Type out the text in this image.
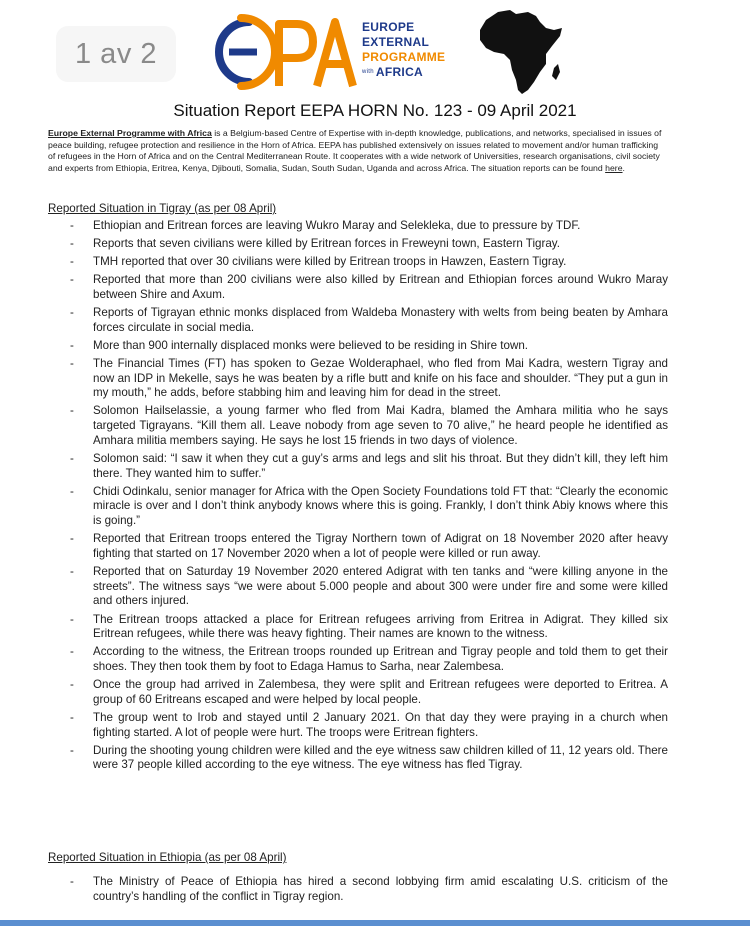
1 av 2
EUROPE
EXTERNAL
PROGRAMME
$^{with}$ AFRICA
Situation Report EEPA HORN No. 123 - 09 April 2021
Europe External Programme with Africa is a Belgium-based Centre of Expertise with in-depth knowledge, publications, and networks, specialised in issues of peace building, refugee protection and resilience in the Horn of Africa. EEPA has published extensively on issues related to movement and/or human trafficking of refugees in the Horn of Africa and on the Central Mediterranean Route. It cooperates with a wide network of Universities, research organisations, civil society and experts from Ethiopia, Eritrea, Kenya, Djibouti, Somalia, Sudan, South Sudan, Uganda and across Africa. The situation reports can be found here.
Reported Situation in Tigray (as per 08 April)
- Ethiopian and Eritrean forces are leaving Wukro Maray and Selekleka, due to pressure by TDF.
- Reports that seven civilians were killed by Eritrean forces in Freweyni town, Eastern Tigray.
- TMH reported that over 30 civilians were killed by Eritrean troops in Hawzen, Eastern Tigray.
- Reported that more than 200 civilians were also killed by Eritrean and Ethiopian forces around Wukro Maray between Shire and Axum.
- Reports of Tigrayan ethnic monks displaced from Waldeba Monastery with welts from being beaten by Amhara forces circulate in social media.
- More than 900 internally displaced monks were believed to be residing in Shire town.
- The Financial Times (FT) has spoken to Gezae Wolderaphael, who fled from Mai Kadra, western Tigray and now an IDP in Mekelle, says he was beaten by a rifle butt and knife on his face and shoulder. “They put a gun in my mouth,” he adds, before stabbing him and leaving him for dead in the street.
- Solomon Hailselassie, a young farmer who fled from Mai Kadra, blamed the Amhara militia who he says targeted Tigrayans. “Kill them all. Leave nobody from age seven to 70 alive,” he heard people he identified as Amhara militia members saying. He says he lost 15 friends in two days of violence.
- Solomon said: “I saw it when they cut a guy’s arms and legs and slit his throat. But they didn’t kill, they left him there. They wanted him to suffer.”
- Chidi Odinkalu, senior manager for Africa with the Open Society Foundations told FT that: “Clearly the economic miracle is over and I don’t think anybody knows where this is going. Frankly, I don’t think Abiy knows where this is going.”
- Reported that Eritrean troops entered the Tigray Northern town of Adigrat on 18 November 2020 after heavy fighting that started on 17 November 2020 when a lot of people were killed or run away.
- Reported that on Saturday 19 November 2020 entered Adigrat with ten tanks and “were killing anyone in the streets”. The witness says “we were about 5.000 people and about 300 were under fire and some were killed and others injured.
- The Eritrean troops attacked a place for Eritrean refugees arriving from Eritrea in Adigrat. They killed six Eritrean refugees, while there was heavy fighting. Their names are known to the witness.
- According to the witness, the Eritrean troops rounded up Eritrean and Tigray people and told them to get their shoes. They then took them by foot to Edaga Hamus to Sarha, near Zalembesa.
- Once the group had arrived in Zalembesa, they were split and Eritrean refugees were deported to Eritrea. A group of 60 Eritreans escaped and were helped by local people.
- The group went to Irob and stayed until 2 January 2021. On that day they were praying in a church when fighting started. A lot of people were hurt. The troops were Eritrean fighters.
- During the shooting young children were killed and the eye witness saw children killed of 11, 12 years old. There were 37 people killed according to the eye witness. The eye witness has fled Tigray.
Reported Situation in Ethiopia (as per 08 April)
- The Ministry of Peace of Ethiopia has hired a second lobbying firm amid escalating U.S. criticism of the country’s handling of the conflict in Tigray region.
